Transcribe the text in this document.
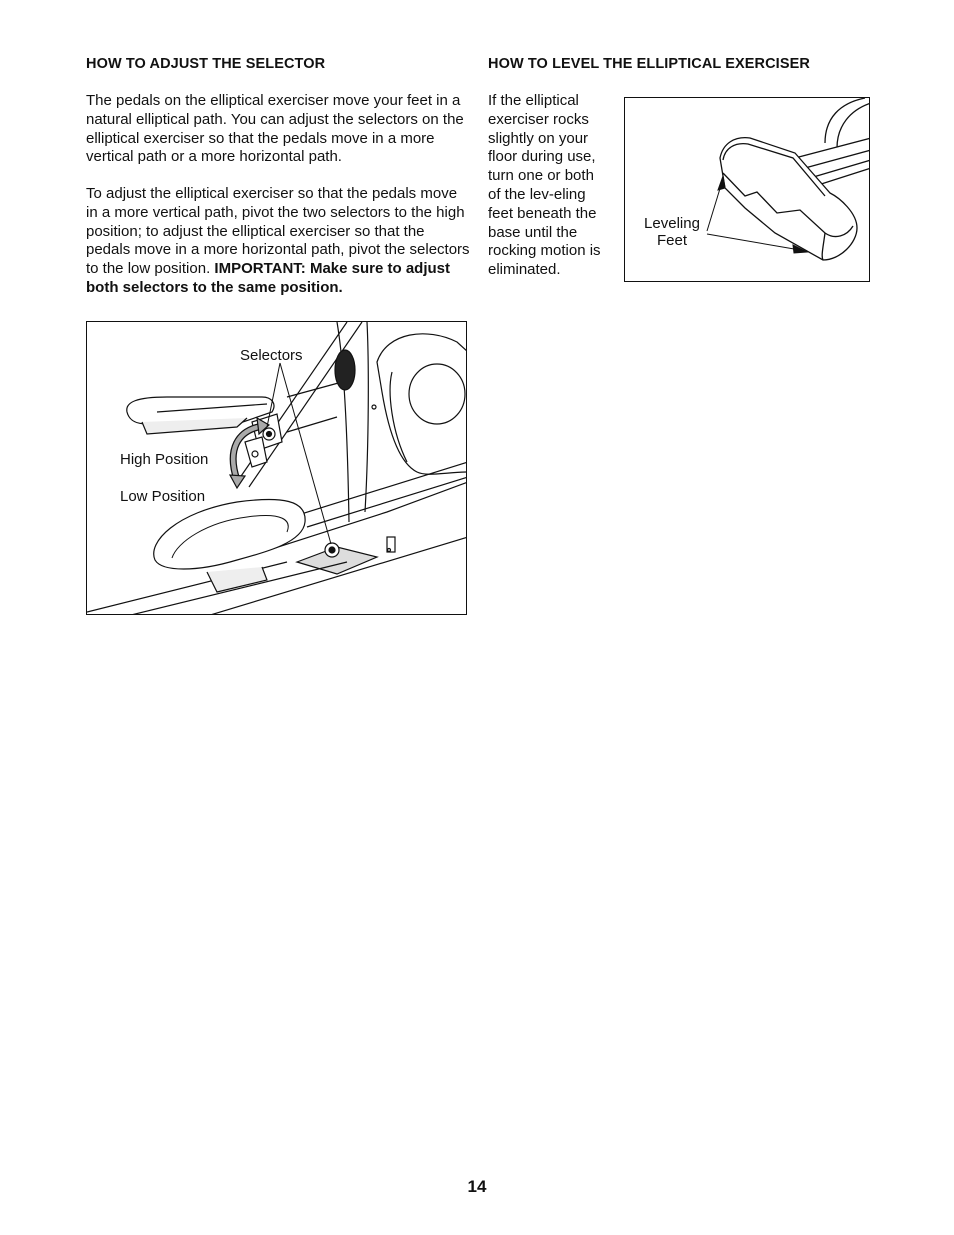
HOW TO ADJUST THE SELECTOR

The pedals on the elliptical exerciser move your feet in a natural elliptical path. You can adjust the selectors on the elliptical exerciser so that the pedals move in a more vertical path or a more horizontal path.

To adjust the elliptical exerciser so that the pedals move in a more vertical path, pivot the two selectors to the high position; to adjust the elliptical exerciser so that the pedals move in a more horizontal path, pivot the selectors to the low position. IMPORTANT: Make sure to adjust both selectors to the same position.

Selectors
High Position
Low Position
HOW TO LEVEL THE ELLIPTICAL EXERCISER

If the elliptical exerciser rocks slightly on your floor during use, turn one or both of the lev-eling feet beneath the base until the rocking motion is eliminated.

Leveling
Feet
14
